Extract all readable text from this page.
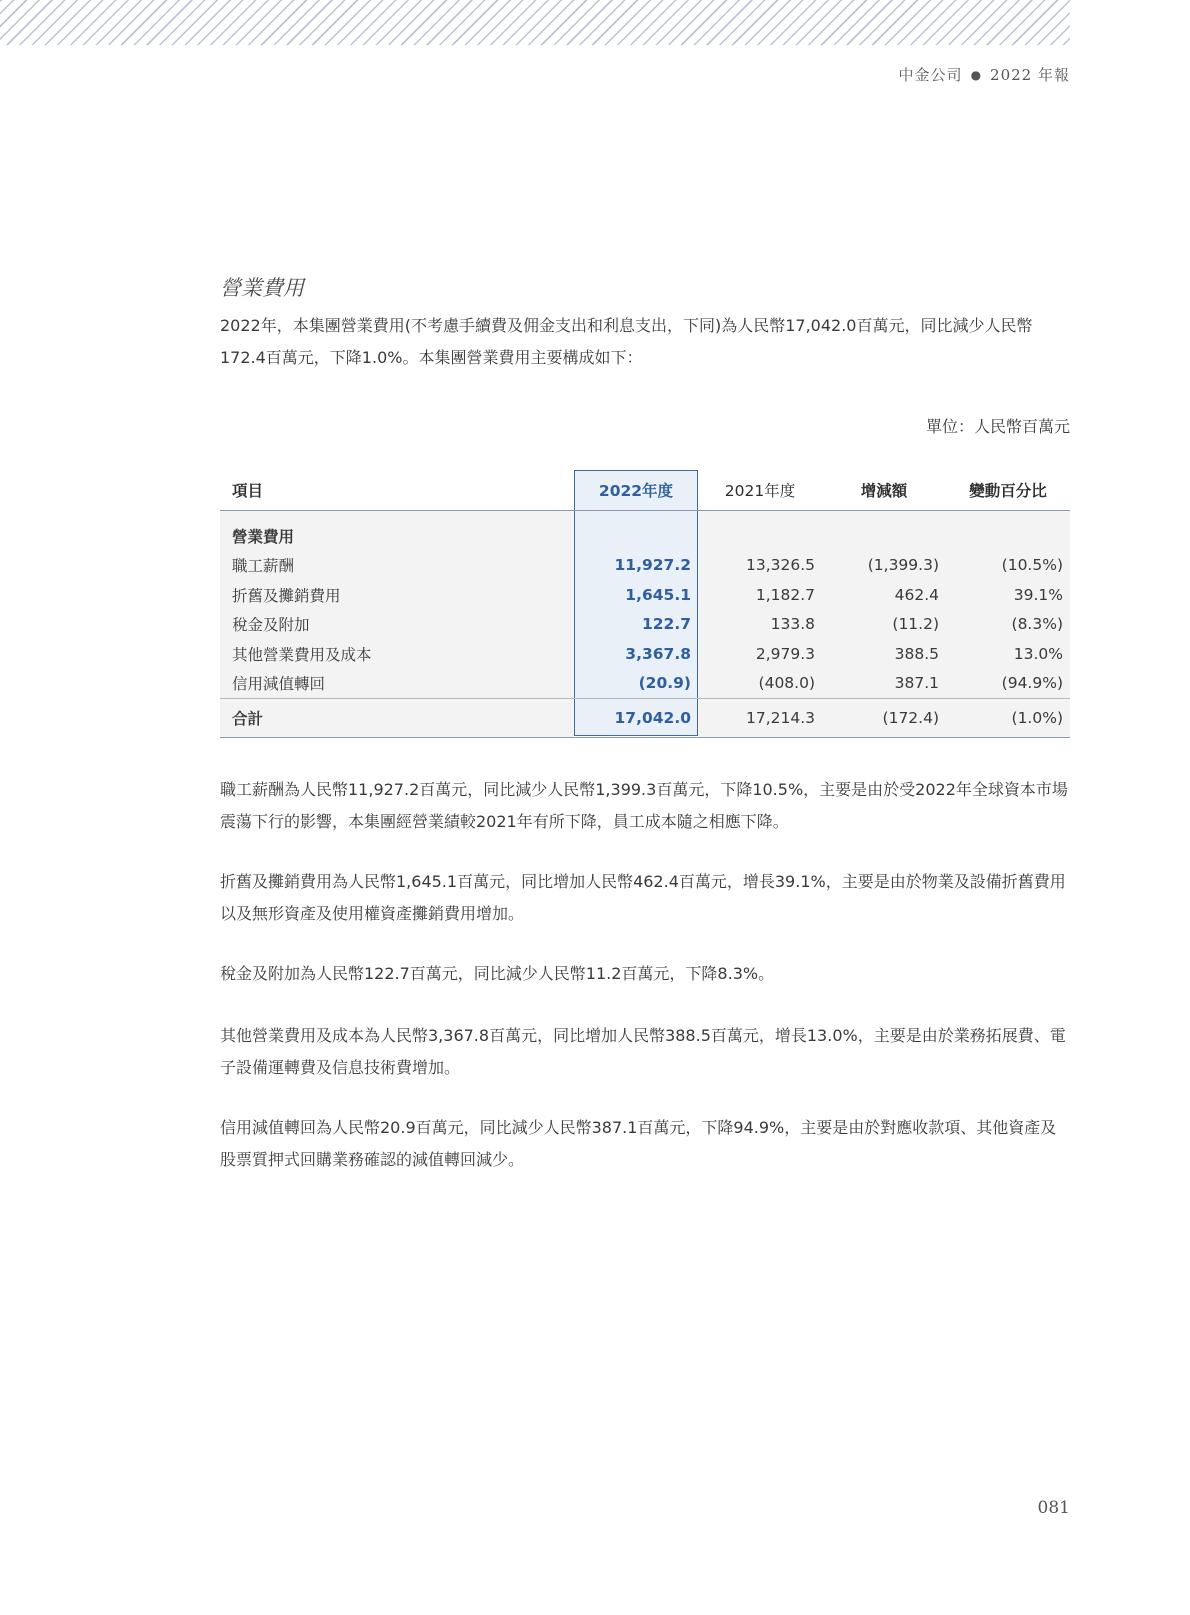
中金公司 ● 2022 年報
營業費用
2022年，本集團營業費用(不考慮手續費及佣金支出和利息支出，下同)為人民幣17,042.0百萬元，同比減少人民幣172.4百萬元，下降1.0%。本集團營業費用主要構成如下：
單位：人民幣百萬元
項目	2022年度	2021年度	增減額	變動百分比
營業費用				
職工薪酬	11,927.2	13,326.5	(1,399.3)	(10.5%)
折舊及攤銷費用	1,645.1	1,182.7	462.4	39.1%
稅金及附加	122.7	133.8	(11.2)	(8.3%)
其他營業費用及成本	3,367.8	2,979.3	388.5	13.0%
信用減值轉回	(20.9)	(408.0)	387.1	(94.9%)
合計	17,042.0	17,214.3	(172.4)	(1.0%)
職工薪酬為人民幣11,927.2百萬元，同比減少人民幣1,399.3百萬元，下降10.5%，主要是由於受2022年全球資本市場震蕩下行的影響，本集團經營業績較2021年有所下降，員工成本隨之相應下降。
折舊及攤銷費用為人民幣1,645.1百萬元，同比增加人民幣462.4百萬元，增長39.1%，主要是由於物業及設備折舊費用以及無形資產及使用權資產攤銷費用增加。
稅金及附加為人民幣122.7百萬元，同比減少人民幣11.2百萬元，下降8.3%。
其他營業費用及成本為人民幣3,367.8百萬元，同比增加人民幣388.5百萬元，增長13.0%，主要是由於業務拓展費、電子設備運轉費及信息技術費增加。
信用減值轉回為人民幣20.9百萬元，同比減少人民幣387.1百萬元，下降94.9%，主要是由於對應收款項、其他資產及股票質押式回購業務確認的減值轉回減少。
081
